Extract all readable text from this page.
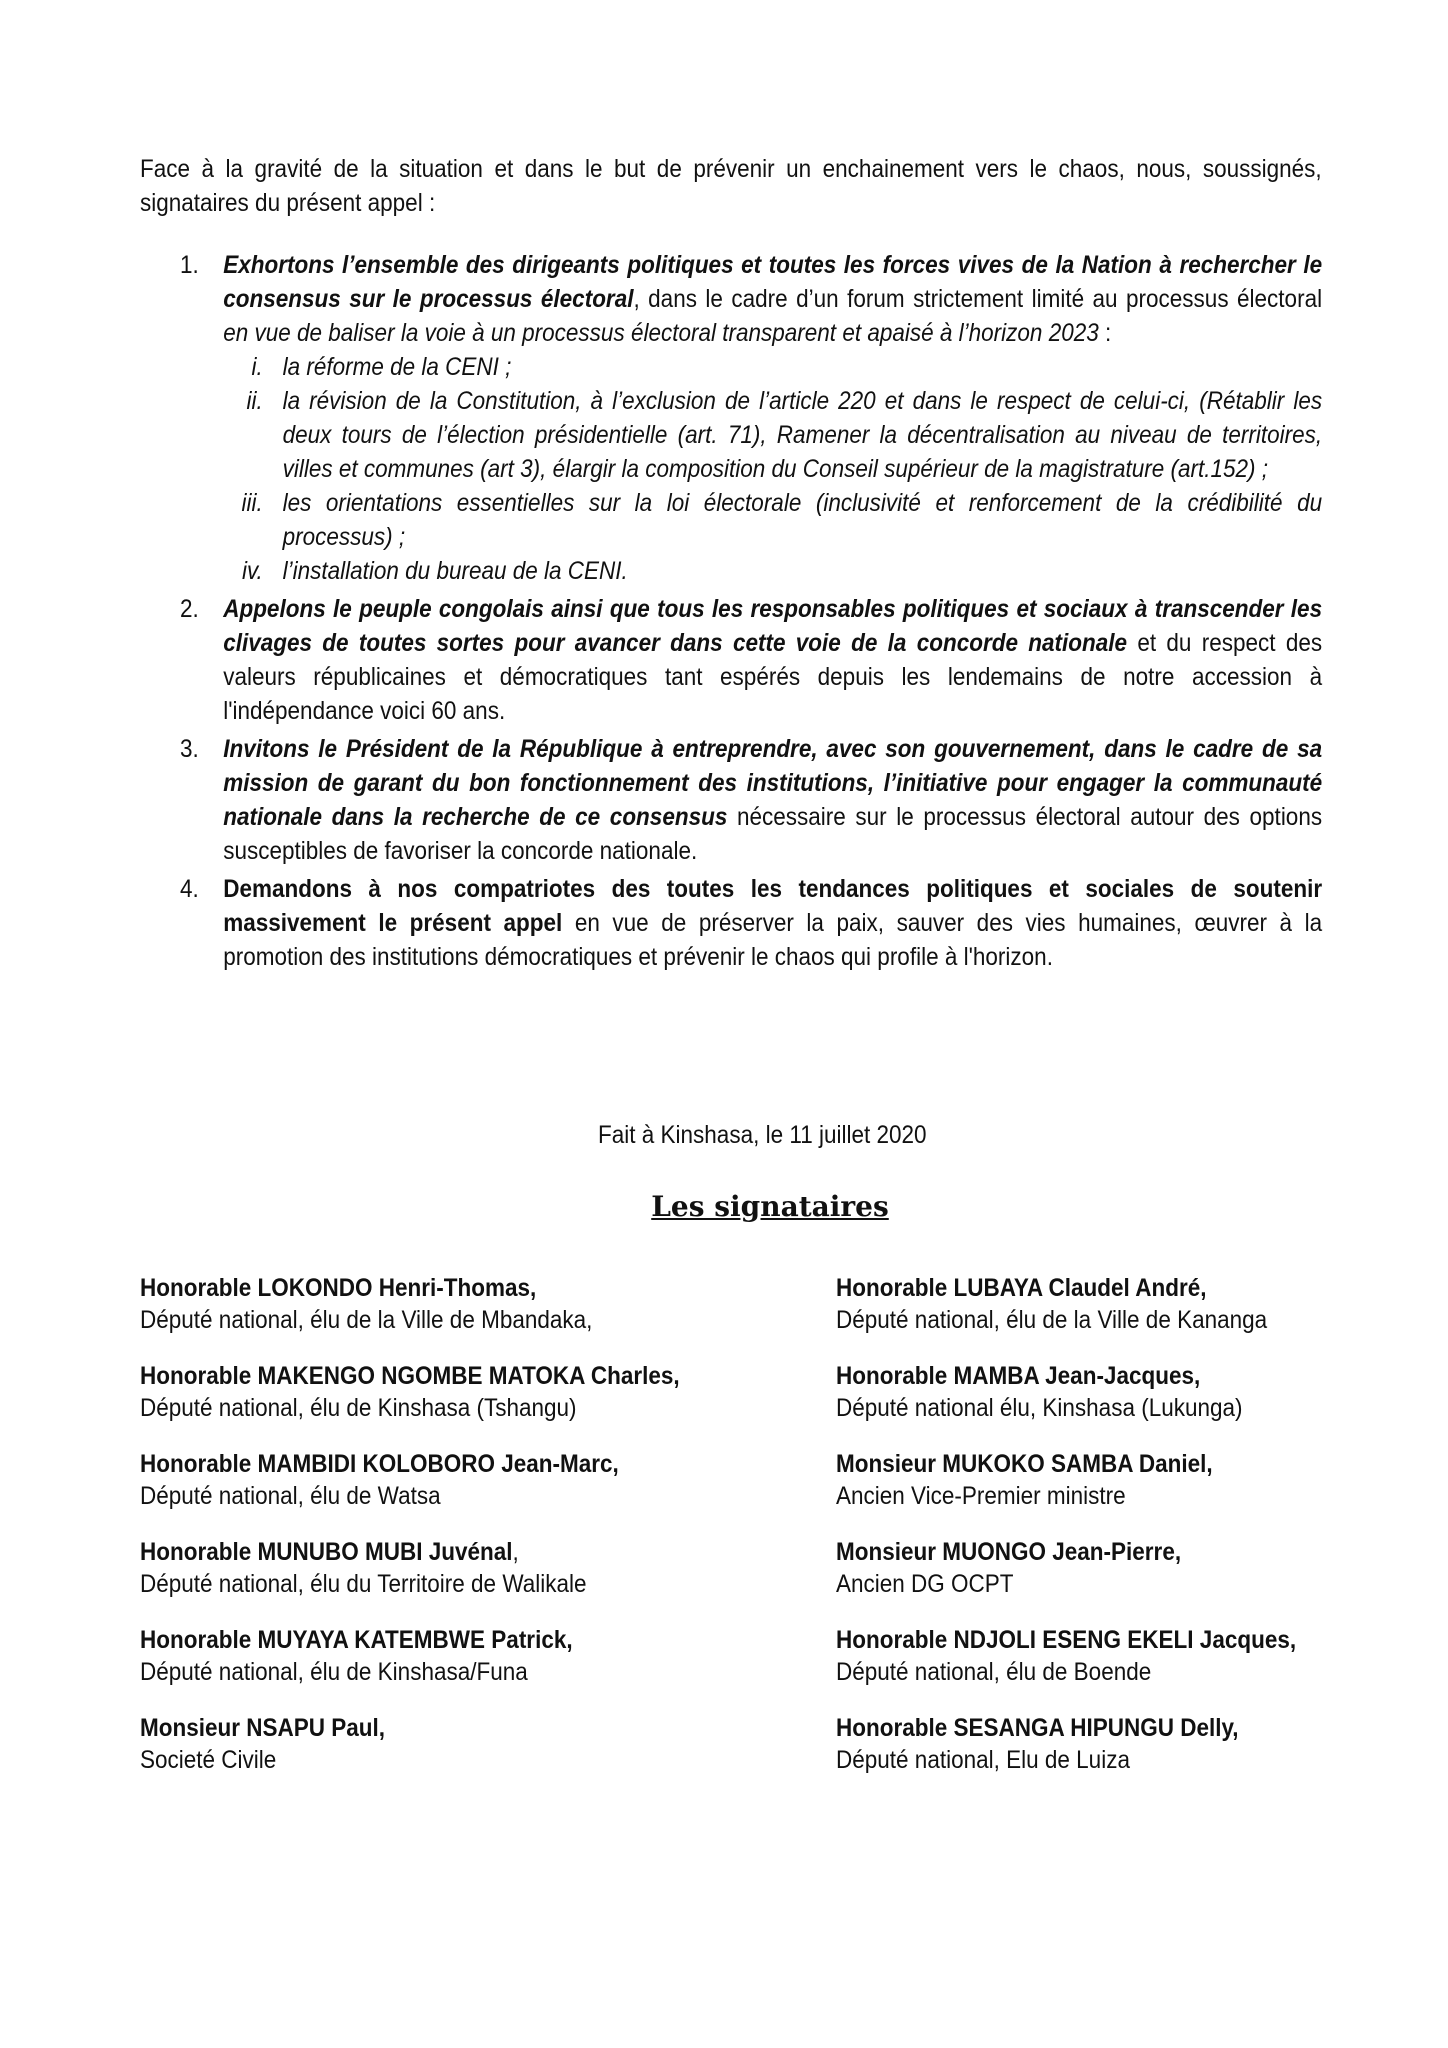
Face à la gravité de la situation et dans le but de prévenir un enchainement vers le chaos, nous, soussignés, signataires du présent appel :

1. Exhortons l’ensemble des dirigeants politiques et toutes les forces vives de la Nation à rechercher le consensus sur le processus électoral, dans le cadre d’un forum strictement limité au processus électoral en vue de baliser la voie à un processus électoral transparent et apaisé à l’horizon 2023 :
i. la réforme de la CENI ;
ii. la révision de la Constitution, à l’exclusion de l’article 220 et dans le respect de celui-ci, (Rétablir les deux tours de l’élection présidentielle (art. 71), Ramener la décentralisation au niveau de territoires, villes et communes (art 3), élargir la composition du Conseil supérieur de la magistrature (art.152) ;
iii. les orientations essentielles sur la loi électorale (inclusivité et renforcement de la crédibilité du processus) ;
iv. l’installation du bureau de la CENI.
2. Appelons le peuple congolais ainsi que tous les responsables politiques et sociaux à transcender les clivages de toutes sortes pour avancer dans cette voie de la concorde nationale et du respect des valeurs républicaines et démocratiques tant espérés depuis les lendemains de notre accession à l'indépendance voici 60 ans.
3. Invitons le Président de la République à entreprendre, avec son gouvernement, dans le cadre de sa mission de garant du bon fonctionnement des institutions, l’initiative pour engager la communauté nationale dans la recherche de ce consensus nécessaire sur le processus électoral autour des options susceptibles de favoriser la concorde nationale.
4. Demandons à nos compatriotes des toutes les tendances politiques et sociales de soutenir massivement le présent appel en vue de préserver la paix, sauver des vies humaines, œuvrer à la promotion des institutions démocratiques et prévenir le chaos qui profile à l'horizon.
Fait à Kinshasa, le 11 juillet 2020
Les signataires
Honorable LOKONDO Henri-Thomas,
Député national, élu de la Ville de Mbandaka,
Honorable MAKENGO NGOMBE MATOKA Charles,
Député national, élu de Kinshasa (Tshangu)
Honorable MAMBIDI KOLOBORO Jean-Marc,
Député national, élu de Watsa
Honorable MUNUBO MUBI Juvénal,
Député national, élu du Territoire de Walikale
Honorable MUYAYA KATEMBWE Patrick,
Député national, élu de Kinshasa/Funa
Monsieur NSAPU Paul,
Societé Civile
Honorable LUBAYA Claudel André,
Député national, élu de la Ville de Kananga
Honorable MAMBA Jean-Jacques,
Député national élu, Kinshasa (Lukunga)
Monsieur MUKOKO SAMBA Daniel,
Ancien Vice-Premier ministre
Monsieur MUONGO Jean-Pierre,
Ancien DG OCPT
Honorable NDJOLI ESENG EKELI Jacques,
Député national, élu de Boende
Honorable SESANGA HIPUNGU Delly,
Député national, Elu de Luiza
